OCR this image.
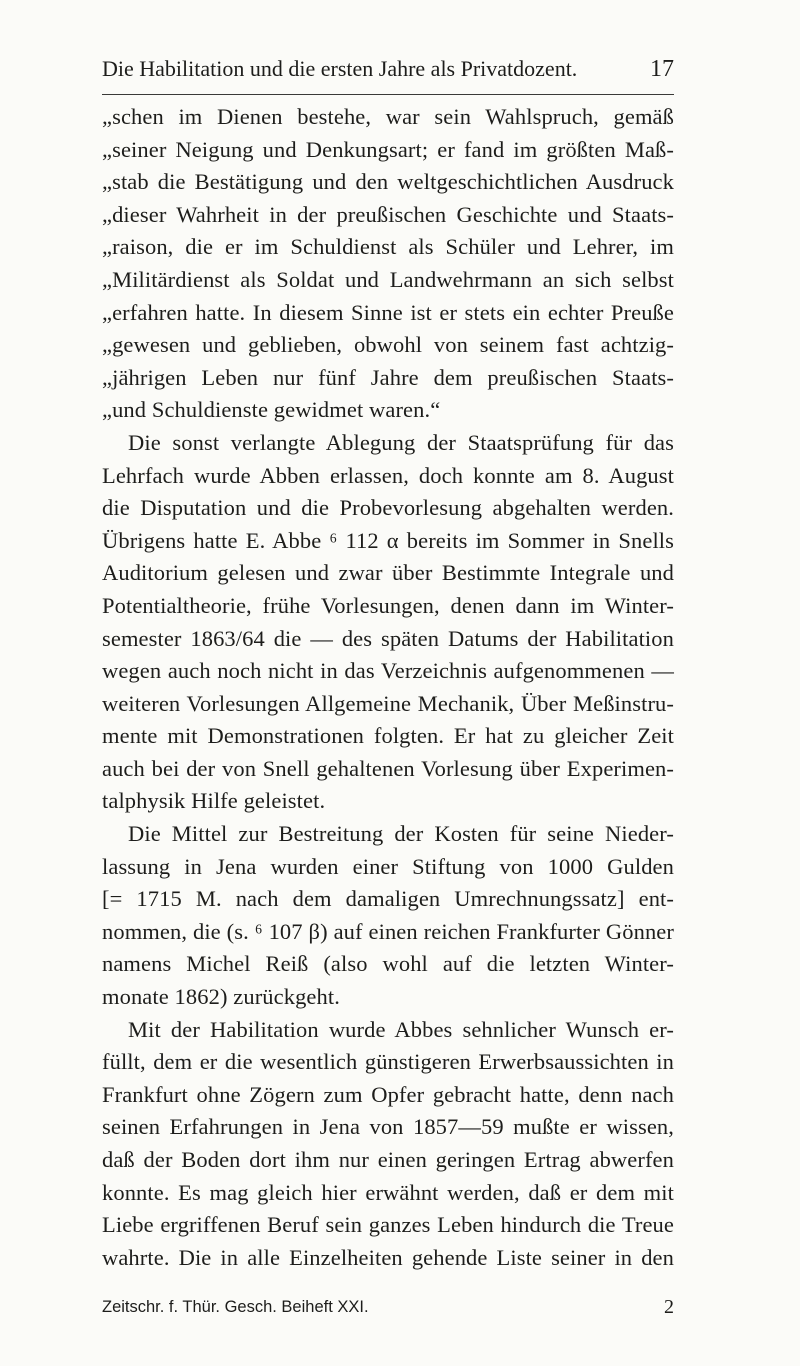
Die Habilitation und die ersten Jahre als Privatdozent.	17
„schen im Dienen bestehe, war sein Wahlspruch, gemäß
„seiner Neigung und Denkungsart; er fand im größten Maß-
„stab die Bestätigung und den weltgeschichtlichen Ausdruck
„dieser Wahrheit in der preußischen Geschichte und Staats-
„raison, die er im Schuldienst als Schüler und Lehrer, im
„Militärdienst als Soldat und Landwehrmann an sich selbst
„erfahren hatte. In diesem Sinne ist er stets ein echter Preuße
„gewesen und geblieben, obwohl von seinem fast achtzig-
„jährigen Leben nur fünf Jahre dem preußischen Staats-
„und Schuldienste gewidmet waren.“
Die sonst verlangte Ablegung der Staatsprüfung für das
Lehrfach wurde Abben erlassen, doch konnte am 8. August
die Disputation und die Probevorlesung abgehalten werden.
Übrigens hatte E. Abbe ⁶ 112 α bereits im Sommer in Snells
Auditorium gelesen und zwar über Bestimmte Integrale und
Potentialtheorie, frühe Vorlesungen, denen dann im Winter-
semester 1863/64 die — des späten Datums der Habilitation
wegen auch noch nicht in das Verzeichnis aufgenommenen —
weiteren Vorlesungen Allgemeine Mechanik, Über Meßinstru-
mente mit Demonstrationen folgten. Er hat zu gleicher Zeit
auch bei der von Snell gehaltenen Vorlesung über Experimen-
talphysik Hilfe geleistet.
Die Mittel zur Bestreitung der Kosten für seine Nieder-
lassung in Jena wurden einer Stiftung von 1000 Gulden
[= 1715 M. nach dem damaligen Umrechnungssatz] ent-
nommen, die (s. ⁶ 107 β) auf einen reichen Frankfurter Gönner
namens Michel Reiß (also wohl auf die letzten Winter-
monate 1862) zurückgeht.
Mit der Habilitation wurde Abbes sehnlicher Wunsch er-
füllt, dem er die wesentlich günstigeren Erwerbsaussichten in
Frankfurt ohne Zögern zum Opfer gebracht hatte, denn nach
seinen Erfahrungen in Jena von 1857—59 mußte er wissen,
daß der Boden dort ihm nur einen geringen Ertrag abwerfen
konnte. Es mag gleich hier erwähnt werden, daß er dem mit
Liebe ergriffenen Beruf sein ganzes Leben hindurch die Treue
wahrte. Die in alle Einzelheiten gehende Liste seiner in den
Zeitschr. f. Thür. Gesch. Beiheft XXI.	2
